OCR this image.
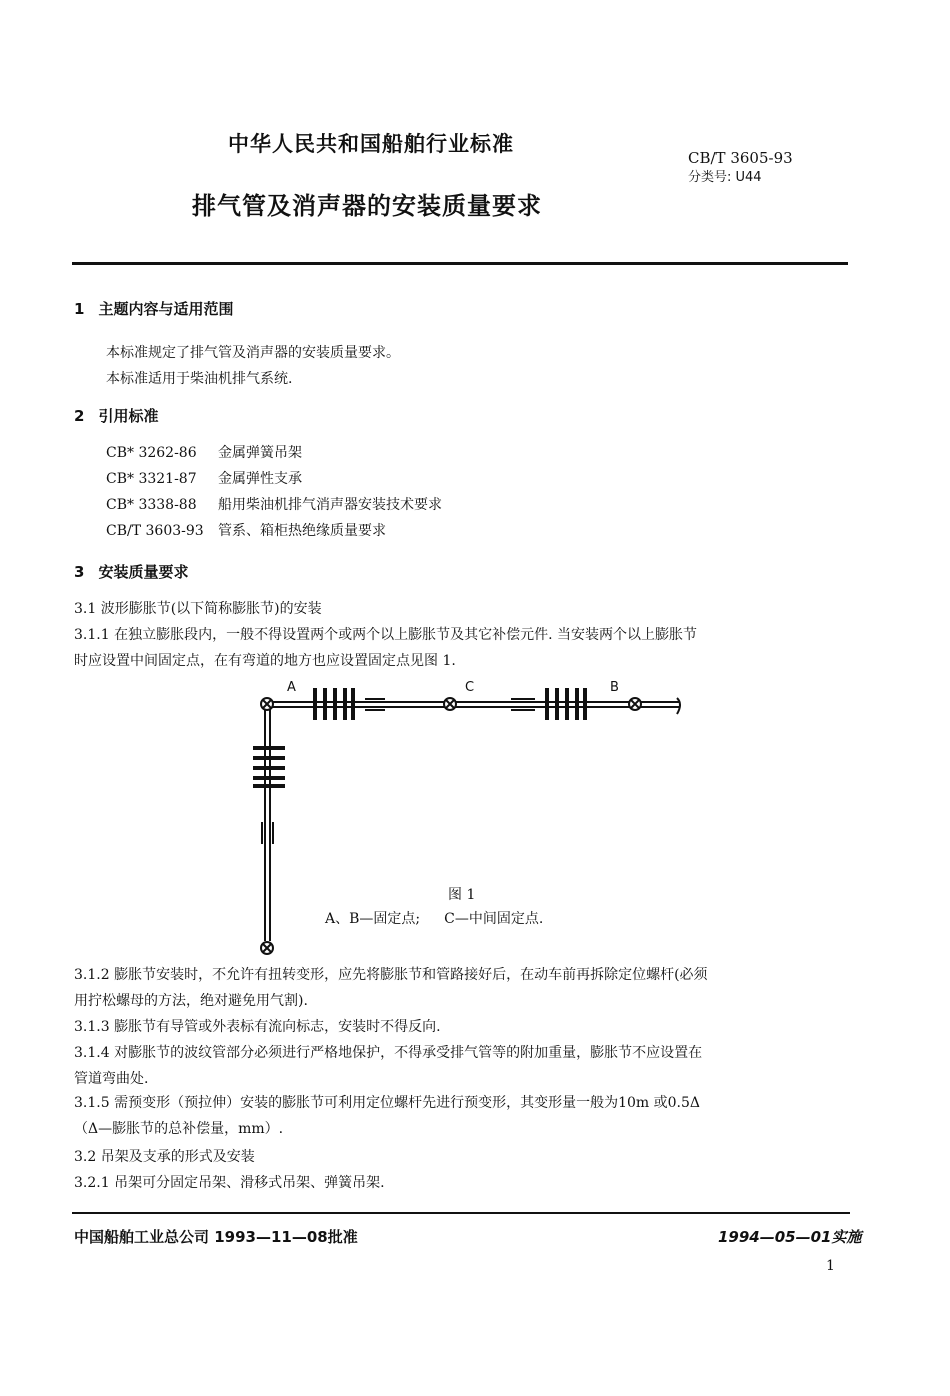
中华人民共和国船舶行业标准
CB/T 3605-93
分类号: U44
排气管及消声器的安装质量要求
1 主题内容与适用范围
本标准规定了排气管及消声器的安装质量要求。
本标准适用于柴油机排气系统.
2 引用标准
CB* 3262-86 金属弹簧吊架
CB* 3321-87 金属弹性支承
CB* 3338-88 船用柴油机排气消声器安装技术要求
CB/T 3603-93 管系、箱柜热绝缘质量要求
3 安装质量要求
3.1 波形膨胀节(以下简称膨胀节)的安装
3.1.1 在独立膨胀段内，一般不得设置两个或两个以上膨胀节及其它补偿元件. 当安装两个以上膨胀节
时应设置中间固定点，在有弯道的地方也应设置固定点见图 1.
A	C	B
图 1
A、B—固定点; C—中间固定点.
3.1.2 膨胀节安装时，不允许有扭转变形，应先将膨胀节和管路接好后，在动车前再拆除定位螺杆(必须
用拧松螺母的方法，绝对避免用气割).
3.1.3 膨胀节有导管或外表标有流向标志，安装时不得反向.
3.1.4 对膨胀节的波纹管部分必须进行严格地保护，不得承受排气管等的附加重量，膨胀节不应设置在
管道弯曲处.
3.1.5 需预变形（预拉伸）安装的膨胀节可利用定位螺杆先进行预变形，其变形量一般为10m 或0.5Δ
（Δ—膨胀节的总补偿量，mm）.
3.2 吊架及支承的形式及安装
3.2.1 吊架可分固定吊架、滑移式吊架、弹簧吊架.
中国船舶工业总公司 1993—11—08批准	1994—05—01实施
1
